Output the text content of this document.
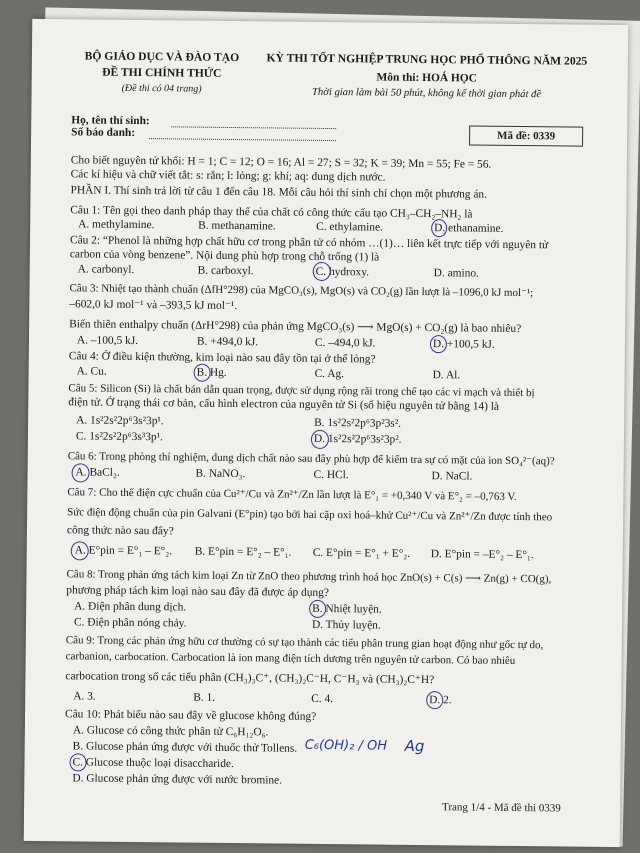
BỘ GIÁO DỤC VÀ ĐÀO TẠO
ĐỀ THI CHÍNH THỨC
(Đề thi có 04 trang)
KỲ THI TỐT NGHIỆP TRUNG HỌC PHỔ THÔNG NĂM 2025
Môn thi: HOÁ HỌC
Thời gian làm bài 50 phút, không kể thời gian phát đề
Họ, tên thí sinh:
Số báo danh:	Mã đề: 0339
Cho biết nguyên tử khối: H = 1; C = 12; O = 16; Al = 27; S = 32; K = 39; Mn = 55; Fe = 56.
Các kí hiệu và chữ viết tắt: s: rắn; l: lỏng; g: khí; aq: dung dịch nước.
PHẦN I. Thí sinh trả lời từ câu 1 đến câu 18. Mỗi câu hỏi thí sinh chỉ chọn một phương án.
Câu 1: Tên gọi theo danh pháp thay thế của chất có công thức cấu tạo CH₃–CH₂–NH₂ là
A. methylamine.	B. methanamine.	C. ethylamine.	D. ethanamine.
Câu 2: “Phenol là những hợp chất hữu cơ trong phân tử có nhóm …(1)… liên kết trực tiếp với nguyên tử
carbon của vòng benzene”. Nội dung phù hợp trong chỗ trống (1) là
A. carbonyl.	B. carboxyl.	C. hydroxy.	D. amino.
Câu 3: Nhiệt tạo thành chuẩn (ΔfH°298) của MgCO₃(s), MgO(s) và CO₂(g) lần lượt là –1096,0 kJ mol⁻¹;
–602,0 kJ mol⁻¹ và –393,5 kJ mol⁻¹.
Biến thiên enthalpy chuẩn (ΔrH°298) của phản ứng MgCO₃(s) ⟶ MgO(s) + CO₂(g) là bao nhiêu?
A. –100,5 kJ.	B. +494,0 kJ.	C. –494,0 kJ.	D. +100,5 kJ.
Câu 4: Ở điều kiện thường, kim loại nào sau đây tồn tại ở thể lỏng?
A. Cu.	B. Hg.	C. Ag.	D. Al.
Câu 5: Silicon (Si) là chất bán dẫn quan trọng, được sử dụng rộng rãi trong chế tạo các vi mạch và thiết bị
điện tử. Ở trạng thái cơ bản, cấu hình electron của nguyên tử Si (số hiệu nguyên tử bằng 14) là
A. 1s²2s²2p⁶3s²3p¹.	B. 1s²2s²2p⁶3p²3s².
C. 1s²2s²2p⁶3s³3p¹.	D. 1s²2s²2p⁶3s²3p².
Câu 6: Trong phòng thí nghiệm, dung dịch chất nào sau đây phù hợp để kiểm tra sự có mặt của ion SO₄²⁻(aq)?
A. BaCl₂.	B. NaNO₃.	C. HCl.	D. NaCl.
Câu 7: Cho thế điện cực chuẩn của Cu²⁺/Cu và Zn²⁺/Zn lần lượt là E°₁ = +0,340 V và E°₂ = –0,763 V.
Sức điện động chuẩn của pin Galvani (E°pin) tạo bởi hai cặp oxi hoá–khử Cu²⁺/Cu và Zn²⁺/Zn được tính theo
công thức nào sau đây?
A. E°pin = E°₁ – E°₂. B. E°pin = E°₂ – E°₁. C. E°pin = E°₁ + E°₂. D. E°pin = –E°₂ – E°₁.
Câu 8: Trong phản ứng tách kim loại Zn từ ZnO theo phương trình hoá học ZnO(s) + C(s) ⟶ Zn(g) + CO(g),
phương pháp tách kim loại nào sau đây đã được áp dụng?
A. Điện phân dung dịch.	B. Nhiệt luyện.
C. Điện phân nóng chảy.	D. Thủy luyện.
Câu 9: Trong các phản ứng hữu cơ thường có sự tạo thành các tiểu phân trung gian hoạt động như gốc tự do,
carbanion, carbocation. Carbocation là ion mang điện tích dương trên nguyên tử carbon. Có bao nhiêu
carbocation trong số các tiểu phân (CH₃)₃C⁺, (CH₃)₂C⁻H, C⁻H₃ và (CH₃)₂C⁺H?
A. 3.	B. 1.	C. 4.	D. 2.
Câu 10: Phát biểu nào sau đây về glucose không đúng?
A. Glucose có công thức phân tử C₆H₁₂O₆.
B. Glucose phản ứng được với thuốc thử Tollens.
C. Glucose thuộc loại disaccharide.
D. Glucose phản ứng được với nước bromine.
C₆(OH)₂ / OH Ag
Trang 1/4 - Mã đề thi 0339
